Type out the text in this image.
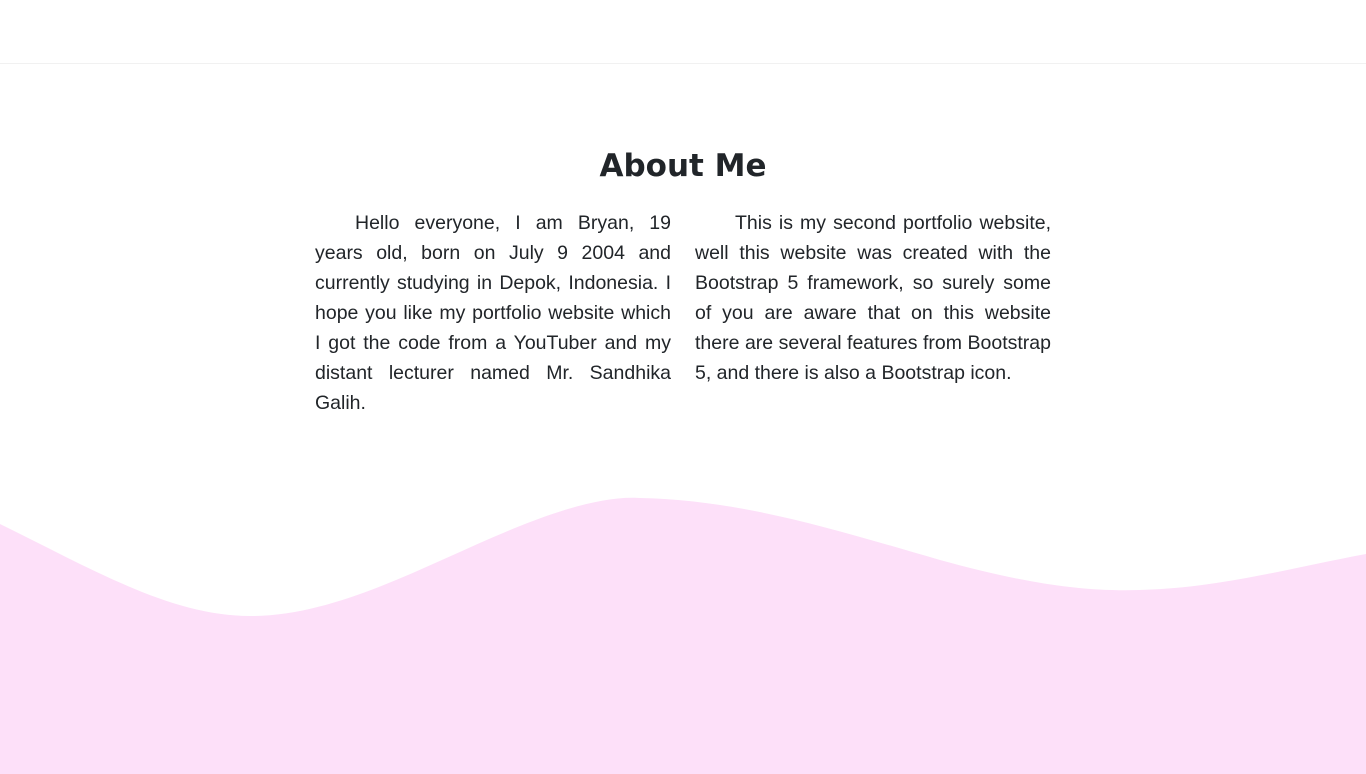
About Me

Hello everyone, I am Bryan, 19 years old, born on July 9 2004 and currently studying in Depok, Indonesia. I hope you like my portfolio website which I got the code from a YouTuber and my distant lecturer named Mr. Sandhika Galih.

This is my second portfolio website, well this website was created with the Bootstrap 5 framework, so surely some of you are aware that on this website there are several features from Bootstrap 5, and there is also a Bootstrap icon.
